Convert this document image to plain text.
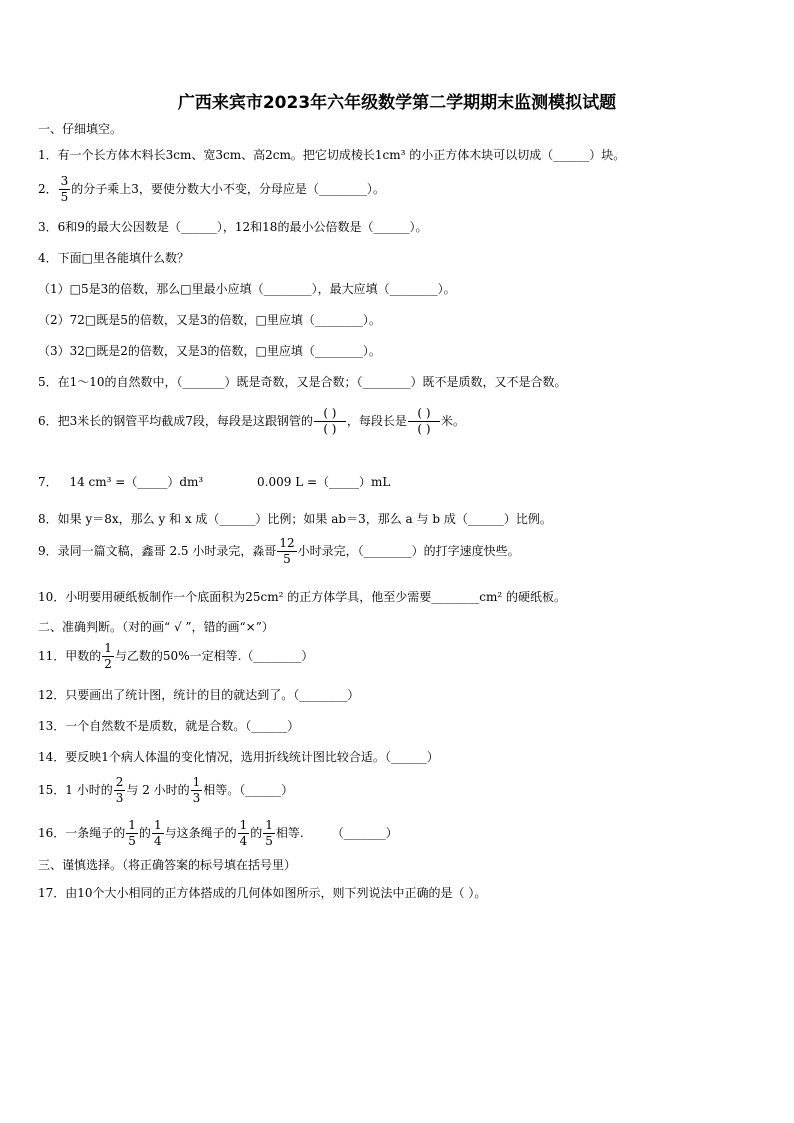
广西来宾市2023年六年级数学第二学期期末监测模拟试题
一、仔细填空。
1．有一个长方体木料长3cm、宽3cm、高2cm。把它切成棱长1cm³ 的小正方体木块可以切成（______）块。
2． $\frac{3}{5}$ 的分子乘上3，要使分数大小不变，分母应是（________）。
3．6和9的最大公因数是（______），12和18的最小公倍数是（______）。
4．下面□里各能填什么数？
（1）□5是3的倍数，那么□里最小应填（________），最大应填（________）。
（2）72□既是5的倍数，又是3的倍数，□里应填（________）。
（3）32□既是2的倍数，又是3的倍数，□里应填（________）。
5．在1～10的自然数中，（_______）既是奇数，又是合数；（________）既不是质数，又不是合数。
6．把3米长的钢管平均截成7段，每段是这跟钢管的 $\frac{( )}{( )}$ ，每段长是 $\frac{( )}{( )}$ 米。
7． 14 cm³ =（_____）dm³	0.009 L =（_____）mL
8．如果 y＝8x，那么 y 和 x 成（______）比例；如果 ab＝3，那么 a 与 b 成（______）比例。
9．录同一篇文稿，鑫哥 2.5 小时录完，淼哥 $\frac{12}{5}$ 小时录完，（________）的打字速度快些。
10．小明要用硬纸板制作一个底面积为25cm² 的正方体学具，他至少需要________cm² 的硬纸板。
二、准确判断。（对的画“ √ ”，错的画“×”）
11．甲数的 $\frac{1}{2}$ 与乙数的50%一定相等.（________）
12．只要画出了统计图，统计的目的就达到了。（________）
13．一个自然数不是质数，就是合数。（______）
14．要反映1个病人体温的变化情况，选用折线统计图比较合适。（______）
15．1 小时的 $\frac{2}{3}$ 与 2 小时的 $\frac{1}{3}$ 相等。（______）
16．一条绳子的 $\frac{1}{5}$ 的 $\frac{1}{4}$ 与这条绳子的 $\frac{1}{4}$ 的 $\frac{1}{5}$ 相等. （_______）
三、谨慎选择。（将正确答案的标号填在括号里）
17．由10个大小相同的正方体搭成的几何体如图所示，则下列说法中正确的是（ ）。
